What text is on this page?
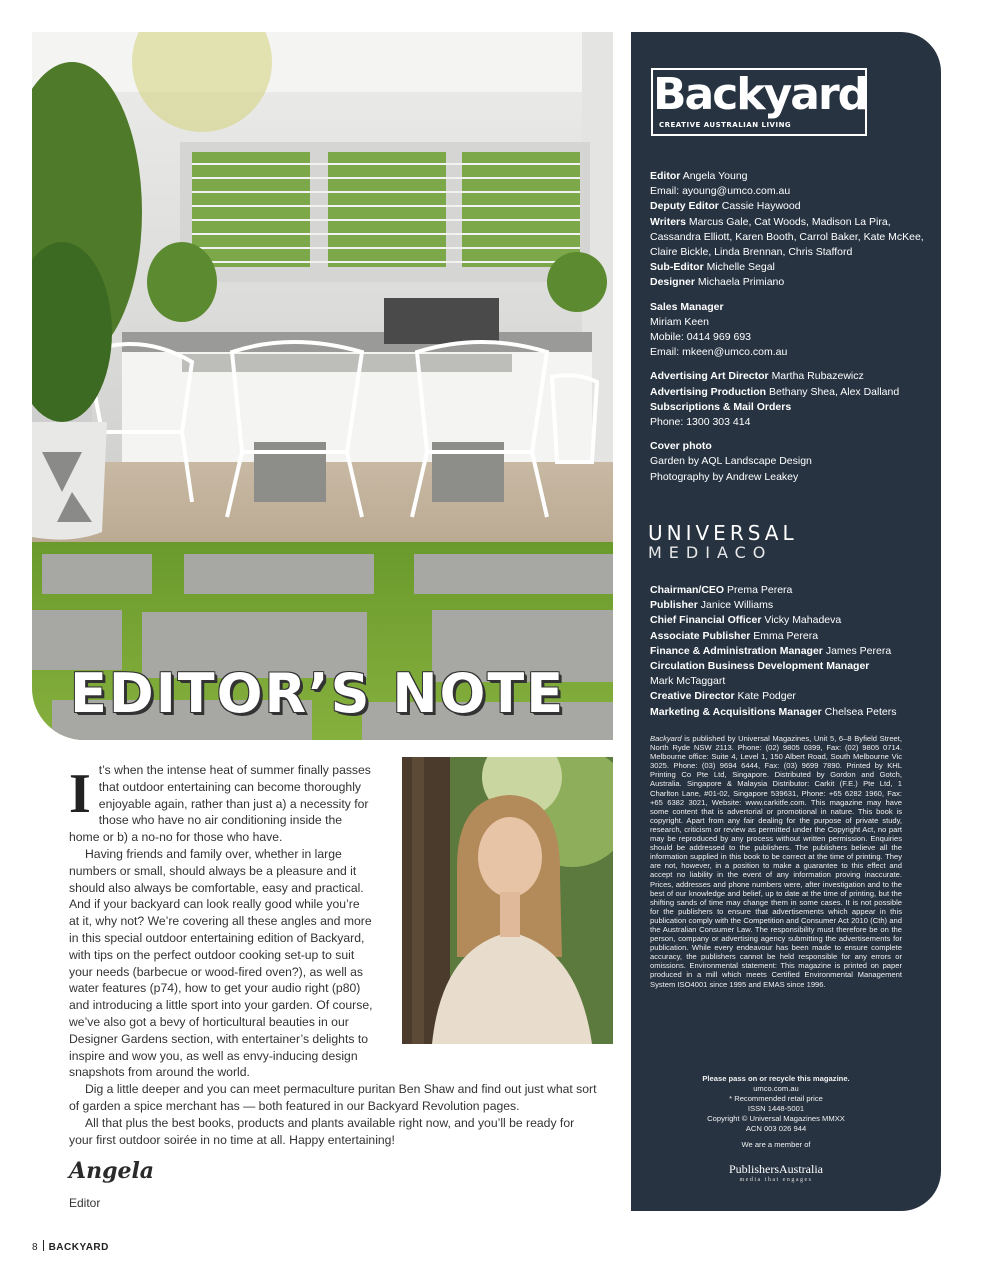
EDITOR’S NOTE
Backyard
CREATIVE AUSTRALIAN LIVING

Editor Angela Young

Email: ayoung@umco.com.au

Deputy Editor Cassie Haywood

Writers Marcus Gale, Cat Woods, Madison La Pira, Cassandra Elliott, Karen Booth, Carrol Baker, Kate McKee, Claire Bickle, Linda Brennan, Chris Stafford

Sub-Editor Michelle Segal

Designer Michaela Primiano

Sales Manager

Miriam Keen

Mobile: 0414 969 693

Email: mkeen@umco.com.au

Advertising Art Director Martha Rubazewicz

Advertising Production Bethany Shea, Alex Dalland

Subscriptions & Mail Orders

Phone: 1300 303 414

Cover photo

Garden by AQL Landscape Design

Photography by Andrew Leakey

UNIVERSAL
MEDIACO

Chairman/CEO Prema Perera

Publisher Janice Williams

Chief Financial Officer Vicky Mahadeva

Associate Publisher Emma Perera

Finance & Administration Manager James Perera

Circulation Business Development Manager

Mark McTaggart

Creative Director Kate Podger

Marketing & Acquisitions Manager Chelsea Peters

Backyard is published by Universal Magazines, Unit 5, 6–8 Byfield Street, North Ryde NSW 2113. Phone: (02) 9805 0399, Fax: (02) 9805 0714. Melbourne office: Suite 4, Level 1, 150 Albert Road, South Melbourne Vic 3025. Phone: (03) 9694 6444, Fax: (03) 9699 7890. Printed by KHL Printing Co Pte Ltd, Singapore. Distributed by Gordon and Gotch, Australia. Singapore & Malaysia Distributor: Carkit (F.E.) Pte Ltd, 1 Charlton Lane, #01-02, Singapore 539631, Phone: +65 6282 1960, Fax: +65 6382 3021, Website: www.carkitfe.com. This magazine may have some content that is advertorial or promotional in nature. This book is copyright. Apart from any fair dealing for the purpose of private study, research, criticism or review as permitted under the Copyright Act, no part may be reproduced by any process without written permission. Enquiries should be addressed to the publishers. The publishers believe all the information supplied in this book to be correct at the time of printing. They are not, however, in a position to make a guarantee to this effect and accept no liability in the event of any information proving inaccurate. Prices, addresses and phone numbers were, after investigation and to the best of our knowledge and belief, up to date at the time of printing, but the shifting sands of time may change them in some cases. It is not possible for the publishers to ensure that advertisements which appear in this publication comply with the Competition and Consumer Act 2010 (Cth) and the Australian Consumer Law. The responsibility must therefore be on the person, company or advertising agency submitting the advertisements for publication. While every endeavour has been made to ensure complete accuracy, the publishers cannot be held responsible for any errors or omissions. Environmental statement: This magazine is printed on paper produced in a mill which meets Certified Environmental Management System ISO4001 since 1995 and EMAS since 1996.

Please pass on or recycle this magazine.

umco.com.au

* Recommended retail price

ISSN 1448-5001

Copyright © Universal Magazines MMXX

ACN 003 026 944

We are a member of

PublishersAustralia
media that engages
I t’s when the intense heat of summer finally passes that outdoor entertaining can become thoroughly enjoyable again, rather than just a) a necessity for those who have no air conditioning inside the home or b) a no-no for those who have.

Having friends and family over, whether in large numbers or small, should always be a pleasure and it should also always be comfortable, easy and practical. And if your backyard can look really good while you’re at it, why not? We’re covering all these angles and more in this special outdoor entertaining edition of Backyard, with tips on the perfect outdoor cooking set-up to suit your needs (barbecue or wood-fired oven?), as well as water features (p74), how to get your audio right (p80) and introducing a little sport into your garden. Of course, we’ve also got a bevy of horticultural beauties in our Designer Gardens section, with entertainer’s delights to inspire and wow you, as well as envy-inducing design snapshots from around the world.

Dig a little deeper and you can meet permaculture puritan Ben Shaw and find out just what sort of garden a spice merchant has — both featured in our Backyard Revolution pages.

All that plus the best books, products and plants available right now, and you’ll be ready for your first outdoor soirée in no time at all. Happy entertaining!

Angela
Editor
8 BACKYARD
